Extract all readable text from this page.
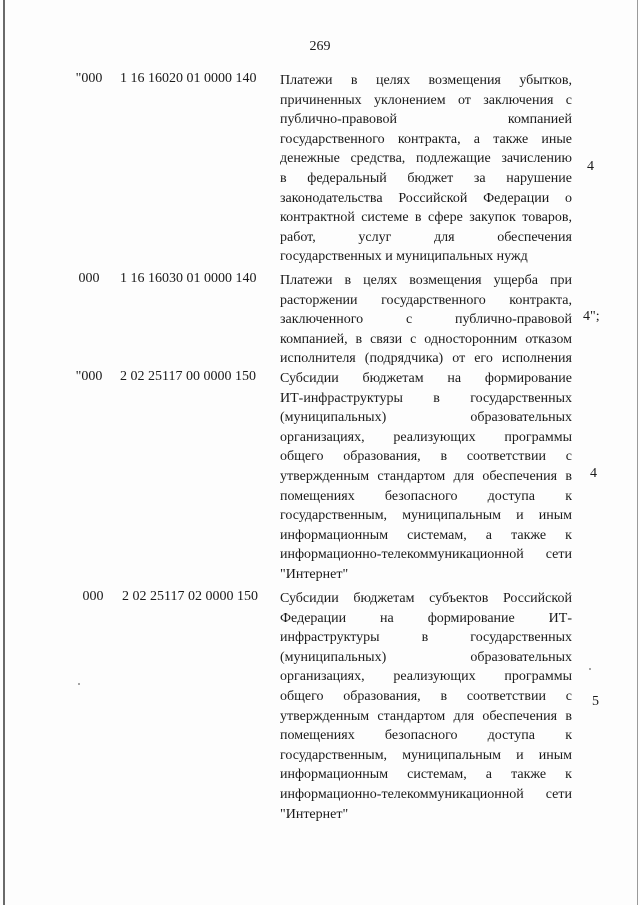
269
"000	1 16 16020 01 0000 140 Платежи в целях возмещения убытков,
причиненных уклонением от заключения с
публично-правовой	компанией
государственного контракта, а также иные
денежные средства, подлежащие зачислению
в федеральный бюджет за нарушение
законодательства Российской Федерации о
контрактной системе в сфере закупок товаров,
работ,	услуг	для	обеспечения
государственных и муниципальных нужд
4
000	1 16 16030 01 0000 140 Платежи в целях возмещения ущерба при
расторжении государственного контракта,
заключенного	с	публично-правовой
компанией, в связи с односторонним отказом
исполнителя (подрядчика) от его исполнения
4";
"000	2 02 25117 00 0000 150 Субсидии бюджетам на формирование
ИТ-инфраструктуры в государственных
(муниципальных)	образовательных
организациях, реализующих программы
общего образования, в соответствии с
утвержденным стандартом для обеспечения в
помещениях безопасного доступа к
государственным, муниципальным и иным
информационным системам, а также к
информационно-телекоммуникационной сети
"Интернет"
4
000	2 02 25117 02 0000 150 Субсидии бюджетам субъектов Российской
Федерации на формирование ИТ-
инфраструктуры	в	государственных
(муниципальных)	образовательных
организациях, реализующих программы
общего образования, в соответствии с
утвержденным стандартом для обеспечения в
помещениях безопасного доступа к
государственным, муниципальным и иным
информационным системам, а также к
информационно-телекоммуникационной сети
"Интернет"
5
